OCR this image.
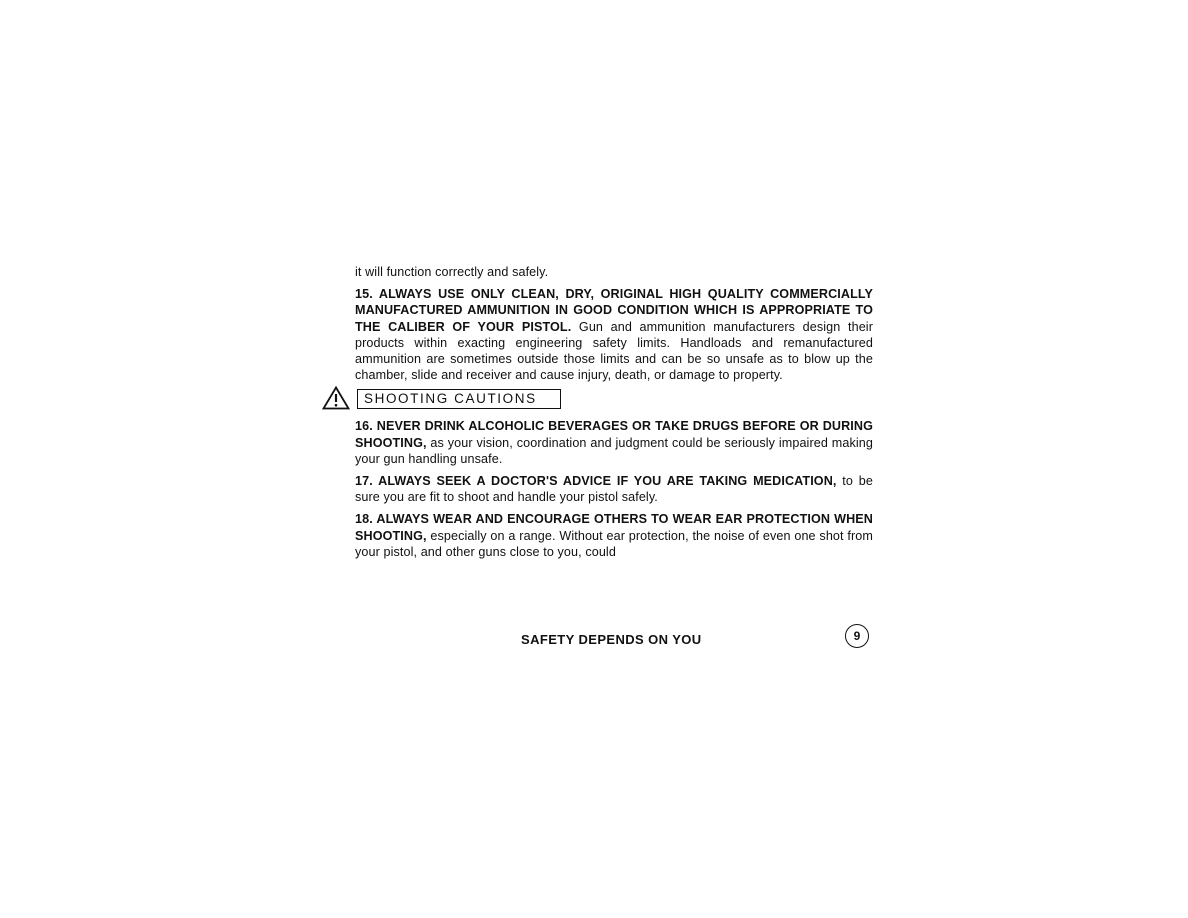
it will function correctly and safely.

15. ALWAYS USE ONLY CLEAN, DRY, ORIGINAL HIGH QUALITY COMMERCIALLY MANUFACTURED AMMUNITION IN GOOD CONDITION WHICH IS APPROPRIATE TO THE CALIBER OF YOUR PISTOL. Gun and ammunition manufacturers design their products within exacting engineering safety limits. Handloads and remanufactured ammunition are sometimes outside those limits and can be so unsafe as to blow up the chamber, slide and receiver and cause injury, death, or damage to property.

SHOOTING CAUTIONS

16. NEVER DRINK ALCOHOLIC BEVERAGES OR TAKE DRUGS BEFORE OR DURING SHOOTING, as your vision, coordination and judgment could be seriously impaired making your gun handling unsafe.

17. ALWAYS SEEK A DOCTOR'S ADVICE IF YOU ARE TAKING MEDICATION, to be sure you are fit to shoot and handle your pistol safely.

18. ALWAYS WEAR AND ENCOURAGE OTHERS TO WEAR EAR PROTECTION WHEN SHOOTING, especially on a range. Without ear protection, the noise of even one shot from your pistol, and other guns close to you, could

SAFETY DEPENDS ON YOU	9
